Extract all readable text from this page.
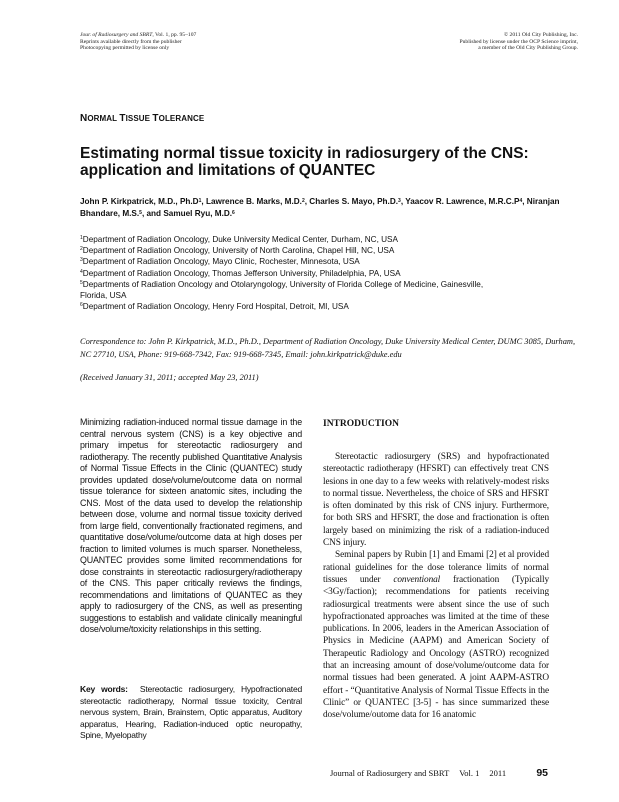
Jour. of Radiosurgery and SBRT, Vol. 1, pp. 95–107
Reprints available directly from the publisher
Photocopying permitted by license only
© 2011 Old City Publishing, Inc.
Published by license under the OCP Science imprint,
a member of the Old City Publishing Group.
NORMAL TISSUE TOLERANCE
Estimating normal tissue toxicity in radiosurgery of the CNS:
application and limitations of QUANTEC
John P. Kirkpatrick, M.D., $Ph.D^1$, Lawrence B. Marks, M.D.$^2$, Charles S. Mayo, Ph.D.$^3$, Yaacov R. Lawrence, $M.R.C.P^4$, Niranjan Bhandare, M.S.$^5$, and Samuel Ryu, M.D.$^6$
$^1$Department of Radiation Oncology, Duke University Medical Center, Durham, NC, USA
$^2$Department of Radiation Oncology, University of North Carolina, Chapel Hill, NC, USA
$^3$Department of Radiation Oncology, Mayo Clinic, Rochester, Minnesota, USA
$^4$Department of Radiation Oncology, Thomas Jefferson University, Philadelphia, PA, USA
$^5$Departments of Radiation Oncology and Otolaryngology, University of Florida College of Medicine, Gainesville, Florida, USA
$^6$Department of Radiation Oncology, Henry Ford Hospital, Detroit, MI, USA
Correspondence to: John P. Kirkpatrick, M.D., Ph.D., Department of Radiation Oncology, Duke University Medical Center, DUMC 3085, Durham, NC 27710, USA, Phone: 919-668-7342, Fax: 919-668-7345, Email: john.kirkpatrick@duke.edu
(Received January 31, 2011; accepted May 23, 2011)
Minimizing radiation-induced normal tissue damage in the central nervous system (CNS) is a key objective and primary impetus for stereotactic radiosurgery and radiotherapy. The recently published Quantitative Analysis of Normal Tissue Effects in the Clinic (QUANTEC) study provides updated dose/volume/outcome data on normal tissue tolerance for sixteen anatomic sites, including the CNS. Most of the data used to develop the relationship between dose, volume and normal tissue toxicity derived from large field, conventionally fractionated regimens, and quantitative dose/volume/outcome data at high doses per fraction to limited volumes is much sparser. Nonetheless, QUANTEC provides some limited recommendations for dose constraints in stereotactic radiosurgery/radiotherapy of the CNS. This paper critically reviews the findings, recommendations and limitations of QUANTEC as they apply to radiosurgery of the CNS, as well as presenting suggestions to establish and validate clinically meaningful dose/volume/toxicity relationships in this setting.
Key words: Stereotactic radiosurgery, Hypofractionated stereotactic radiotherapy, Normal tissue toxicity, Central nervous system, Brain, Brainstem, Optic apparatus, Auditory apparatus, Hearing, Radiation-induced optic neuropathy, Spine, Myelopathy
INTRODUCTION

Stereotactic radiosurgery (SRS) and hypofractionated stereotactic radiotherapy (HFSRT) can effectively treat CNS lesions in one day to a few weeks with relatively-modest risks to normal tissue. Nevertheless, the choice of SRS and HFSRT is often dominated by this risk of CNS injury. Furthermore, for both SRS and HFSRT, the dose and fractionation is often largely based on minimizing the risk of a radiation-induced CNS injury.

Seminal papers by Rubin [1] and Emami [2] et al provided rational guidelines for the dose tolerance limits of normal tissues under conventional fractionation (Typically <3Gy/faction); recommendations for patients receiving radiosurgical treatments were absent since the use of such hypofractionated approaches was limited at the time of these publications. In 2006, leaders in the American Association of Physics in Medicine (AAPM) and American Society of Therapeutic Radiology and Oncology (ASTRO) recognized that an increasing amount of dose/volume/outcome data for normal tissues had been generated. A joint AAPM-ASTRO effort - “Quantitative Analysis of Normal Tissue Effects in the Clinic” or QUANTEC [3-5] - has since summarized these dose/volume/outome data for 16 anatomic

Journal of Radiosurgery and SBRT Vol. 1 2011	95
